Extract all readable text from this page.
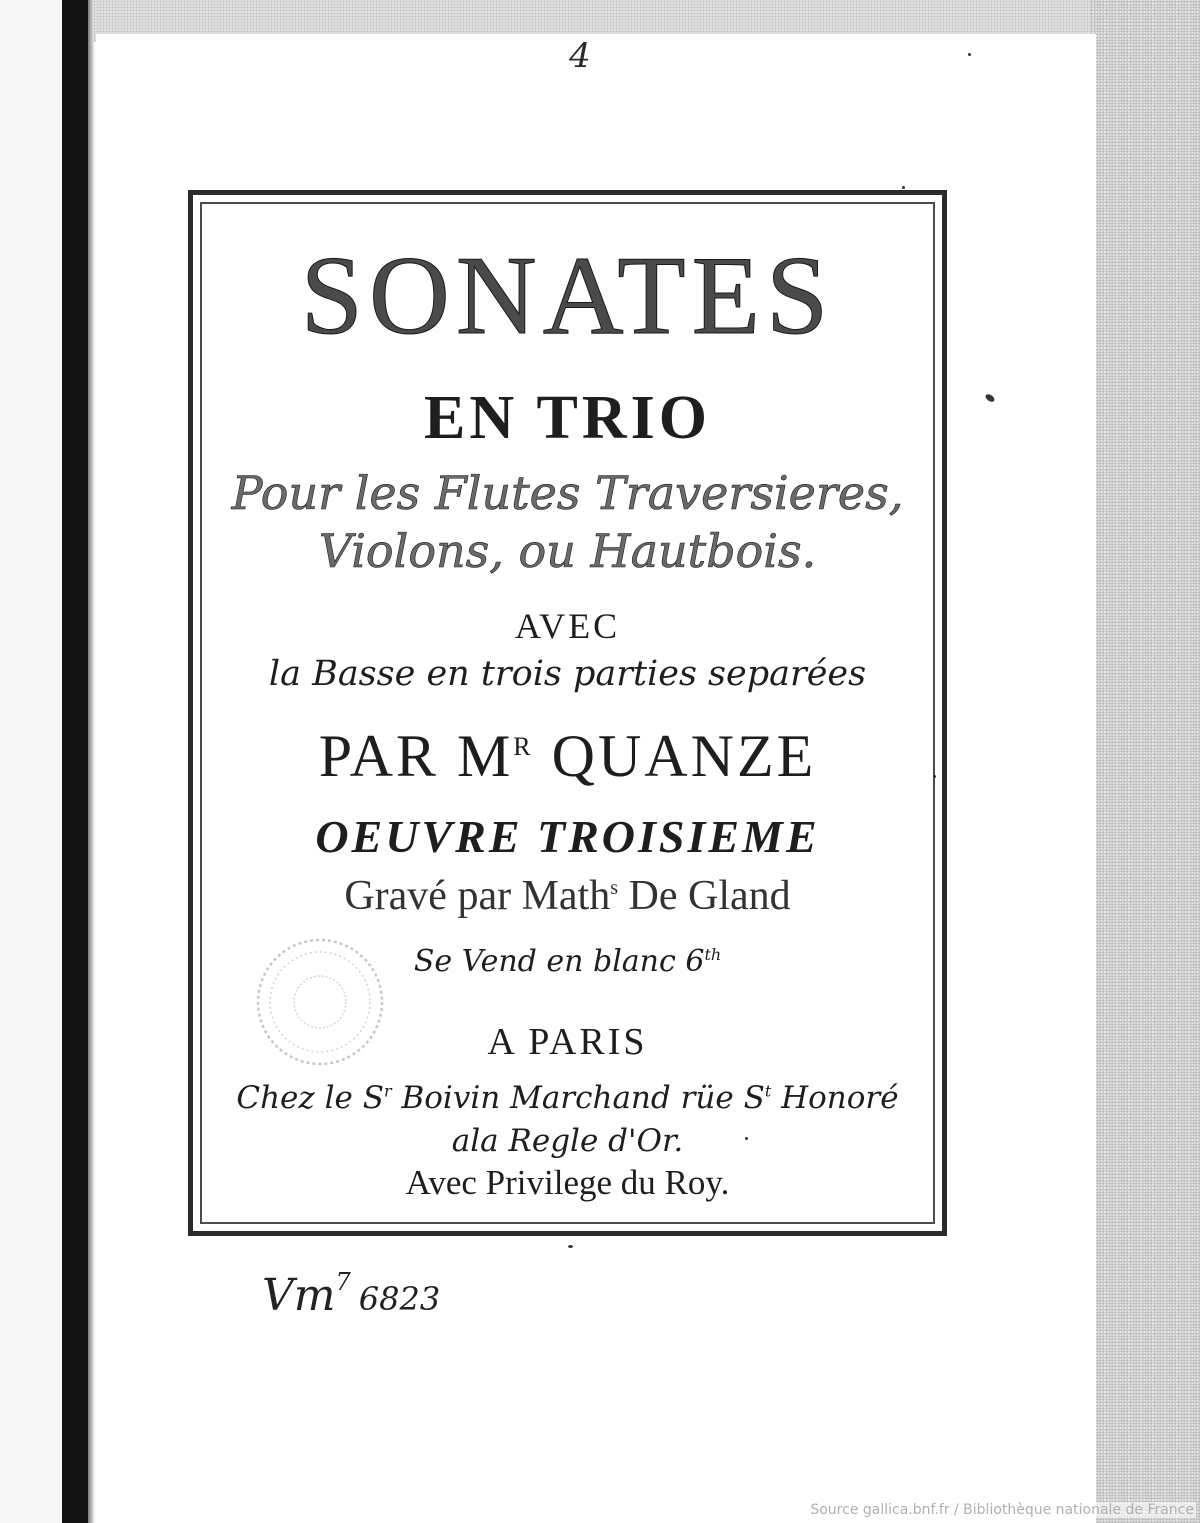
4
SONATES
EN TRIO
Pour les Flutes Traversieres,
Violons, ou Hautbois.
AVEC
la Basse en trois parties separées
PAR $M^R$ QUANZE
OEUVRE TROISIEME
Gravé par Math$^s$ De Gland
Se Vend en blanc 6th
A PARIS
Chez le $S^r$ Boivin Marchand rüe $S^t$ Honoré
ala Regle d'Or.
Avec Privilege du Roy.
Vm$^7$ 6823
Source gallica.bnf.fr / Bibliothèque nationale de France
